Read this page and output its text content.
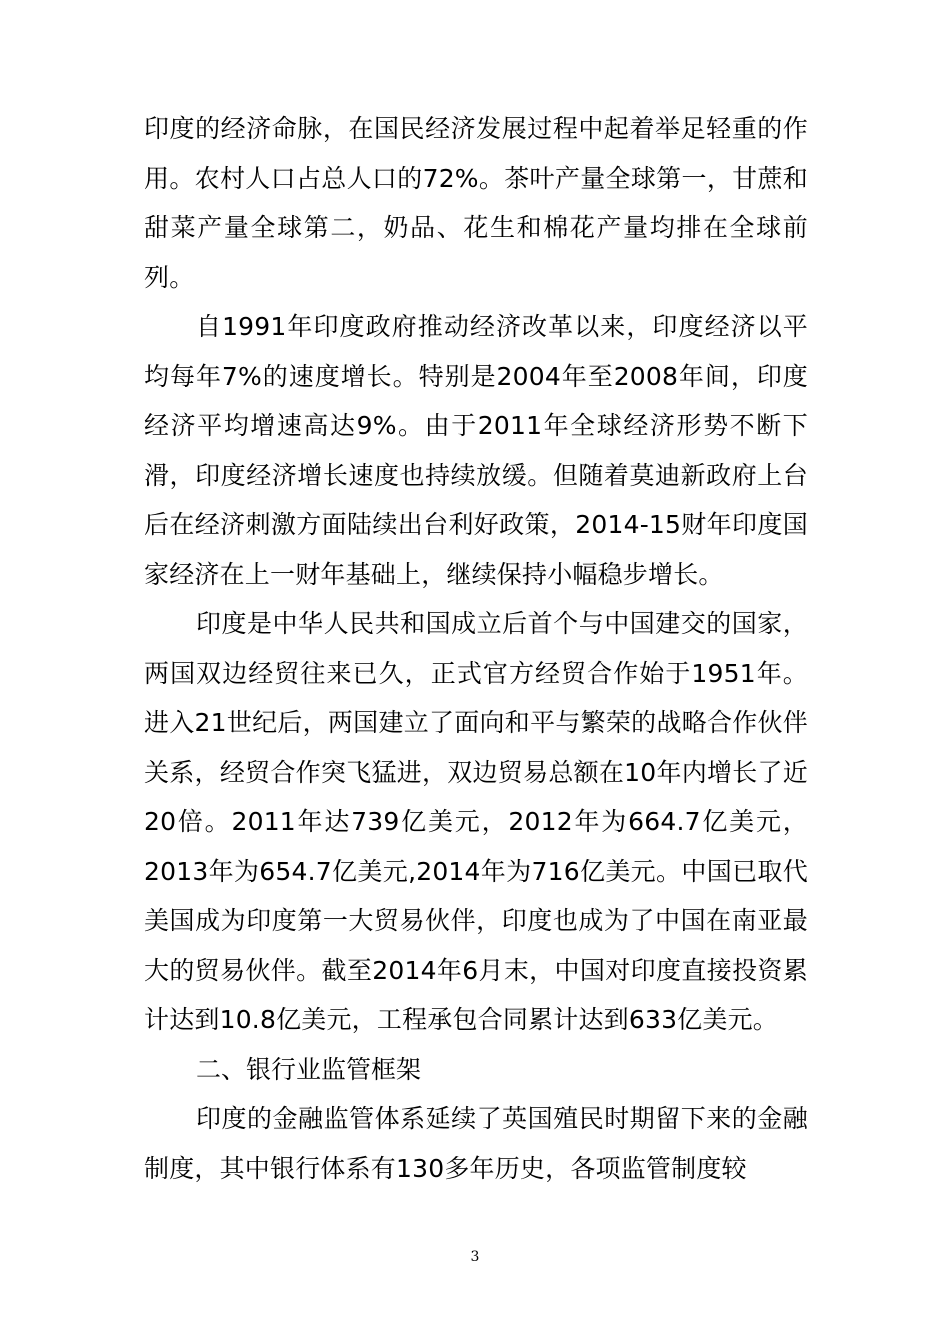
印度的经济命脉，在国民经济发展过程中起着举足轻重的作用。农村人口占总人口的72%。茶叶产量全球第一，甘蔗和甜菜产量全球第二，奶品、花生和棉花产量均排在全球前列。

自1991年印度政府推动经济改革以来，印度经济以平均每年7%的速度增长。特别是2004年至2008年间，印度经济平均增速高达9%。由于2011年全球经济形势不断下滑，印度经济增长速度也持续放缓。但随着莫迪新政府上台后在经济刺激方面陆续出台利好政策，2014-15财年印度国家经济在上一财年基础上，继续保持小幅稳步增长。

印度是中华人民共和国成立后首个与中国建交的国家，两国双边经贸往来已久，正式官方经贸合作始于1951年。进入21世纪后，两国建立了面向和平与繁荣的战略合作伙伴关系，经贸合作突飞猛进，双边贸易总额在10年内增长了近20倍。2011年达739亿美元，2012年为664.7亿美元，2013年为654.7亿美元,2014年为716亿美元。中国已取代美国成为印度第一大贸易伙伴，印度也成为了中国在南亚最大的贸易伙伴。截至2014年6月末，中国对印度直接投资累计达到10.8亿美元，工程承包合同累计达到633亿美元。

二、银行业监管框架

印度的金融监管体系延续了英国殖民时期留下来的金融制度，其中银行体系有130多年历史，各项监管制度较

3
